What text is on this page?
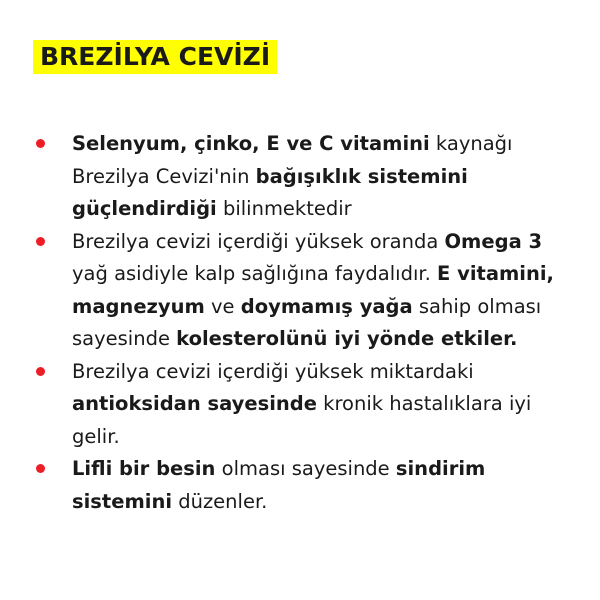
BREZİLYA CEVİZİ
Selenyum, çinko, E ve C vitamini kaynağı Brezilya Cevizi'nin bağışıklık sistemini güçlendirdiği bilinmektedir
Brezilya cevizi içerdiği yüksek oranda Omega 3 yağ asidiyle kalp sağlığına faydalıdır. E vitamini, magnezyum ve doymamış yağa sahip olması sayesinde kolesterolünü iyi yönde etkiler.
Brezilya cevizi içerdiği yüksek miktardaki antioksidan sayesinde kronik hastalıklara iyi gelir.
Lifli bir besin olması sayesinde sindirim sistemini düzenler.
